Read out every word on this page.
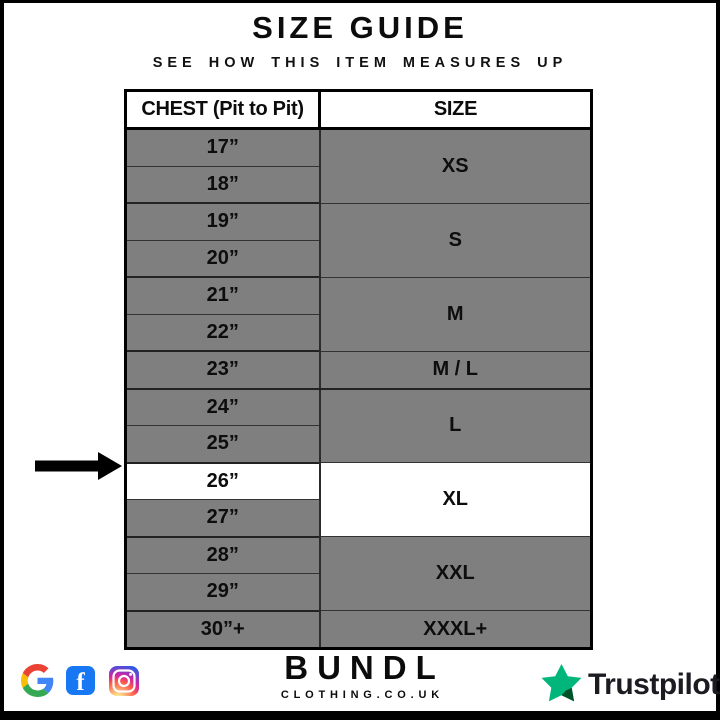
SIZE GUIDE
SEE HOW THIS ITEM MEASURES UP
CHEST (Pit to Pit)	SIZE
17”	XS
18”	
19”	S
20”	
21”	M
22”	
23”	M / L
24”	L
25”	
26”	XL
27”	
28”	XXL
29”	
30”+	XXXL+
f	BUNDL
CLOTHING.CO.UK	Trustpilot
